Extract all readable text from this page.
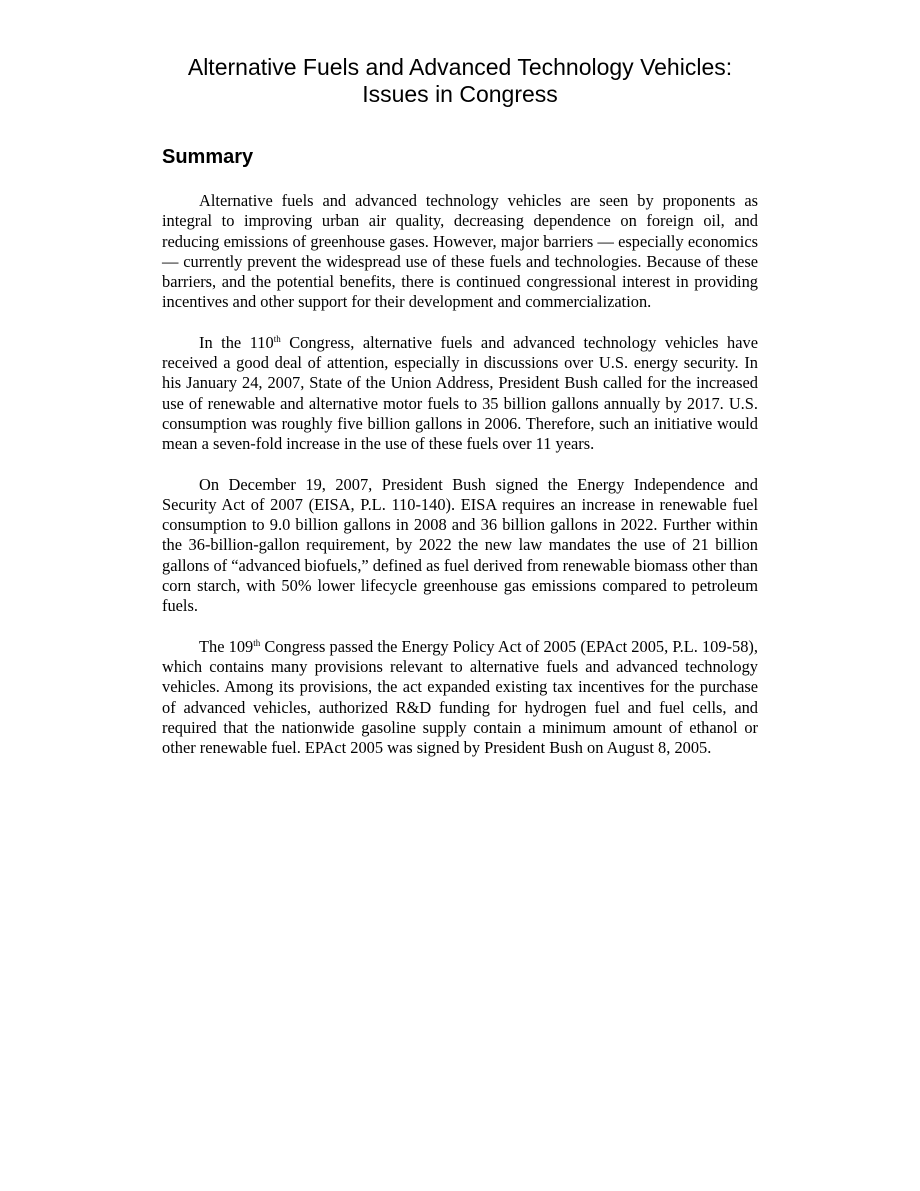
Alternative Fuels and Advanced Technology Vehicles:
Issues in Congress
Summary

Alternative fuels and advanced technology vehicles are seen by proponents as integral to improving urban air quality, decreasing dependence on foreign oil, and reducing emissions of greenhouse gases. However, major barriers — especially economics — currently prevent the widespread use of these fuels and technologies. Because of these barriers, and the potential benefits, there is continued congressional interest in providing incentives and other support for their development and commercialization.

In the 110th Congress, alternative fuels and advanced technology vehicles have received a good deal of attention, especially in discussions over U.S. energy security. In his January 24, 2007, State of the Union Address, President Bush called for the increased use of renewable and alternative motor fuels to 35 billion gallons annually by 2017. U.S. consumption was roughly five billion gallons in 2006. Therefore, such an initiative would mean a seven-fold increase in the use of these fuels over 11 years.

On December 19, 2007, President Bush signed the Energy Independence and Security Act of 2007 (EISA, P.L. 110-140). EISA requires an increase in renewable fuel consumption to 9.0 billion gallons in 2008 and 36 billion gallons in 2022. Further within the 36-billion-gallon requirement, by 2022 the new law mandates the use of 21 billion gallons of “advanced biofuels,” defined as fuel derived from renewable biomass other than corn starch, with 50% lower lifecycle greenhouse gas emissions compared to petroleum fuels.

The 109th Congress passed the Energy Policy Act of 2005 (EPAct 2005, P.L. 109-58), which contains many provisions relevant to alternative fuels and advanced technology vehicles. Among its provisions, the act expanded existing tax incentives for the purchase of advanced vehicles, authorized R&D funding for hydrogen fuel and fuel cells, and required that the nationwide gasoline supply contain a minimum amount of ethanol or other renewable fuel. EPAct 2005 was signed by President Bush on August 8, 2005.
